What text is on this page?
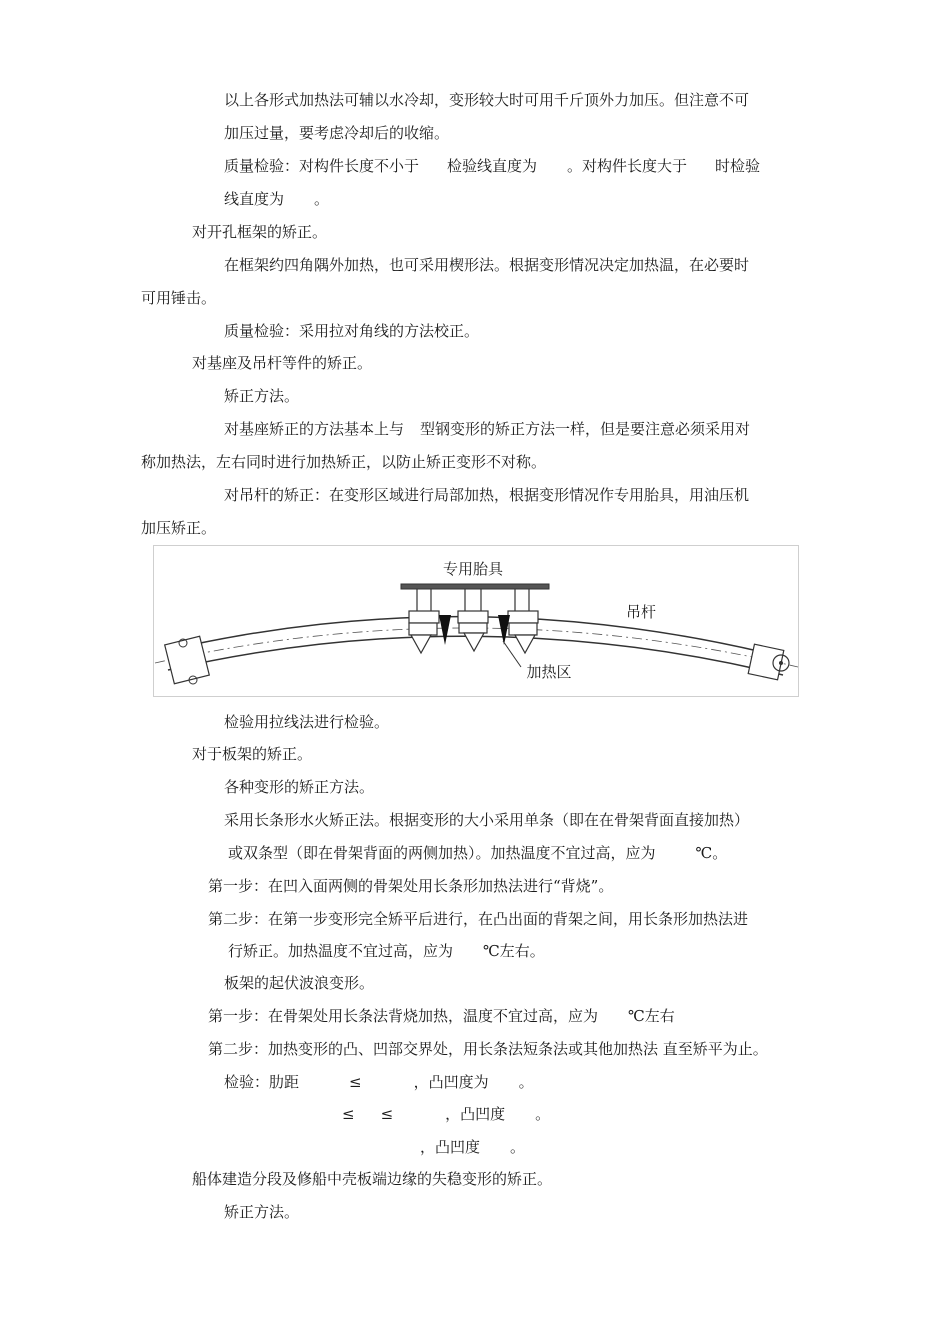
以上各形式加热法可辅以水冷却，变形较大时可用千斤顶外力加压。但注意不可
加压过量，要考虑冷却后的收缩。
质量检验：对构件长度不小于 检验线直度为 。对构件长度大于 时检验
线直度为 。
对开孔框架的矫正。
在框架约四角隅外加热，也可采用楔形法。根据变形情况决定加热温，在必要时
可用锤击。
质量检验：采用拉对角线的方法校正。
对基座及吊杆等件的矫正。
矫正方法。
对基座矫正的方法基本上与 型钢变形的矫正方法一样，但是要注意必须采用对
称加热法，左右同时进行加热矫正，以防止矫正变形不对称。
对吊杆的矫正：在变形区域进行局部加热，根据变形情况作专用胎具，用油压机
加压矫正。
专用胎具
吊杆
加热区
检验用拉线法进行检验。
对于板架的矫正。
各种变形的矫正方法。
采用长条形水火矫正法。根据变形的大小采用单条（即在在骨架背面直接加热）
或双条型（即在骨架背面的两侧加热）。加热温度不宜过高，应为	℃。
第一步：在凹入面两侧的骨架处用长条形加热法进行“背烧”。
第二步：在第一步变形完全矫平后进行，在凸出面的背架之间，用长条形加热法进
行矫正。加热温度不宜过高，应为 ℃左右。
板架的起伏波浪变形。
第一步：在骨架处用长条法背烧加热，温度不宜过高，应为 ℃左右
第二步：加热变形的凸、凹部交界处，用长条法短条法或其他加热法 直至矫平为止。
检验：肋距	≤	，凸凹度为 。
≤ ≤	，凸凹度 。
，凸凹度 。
船体建造分段及修船中壳板端边缘的失稳变形的矫正。
矫正方法。
